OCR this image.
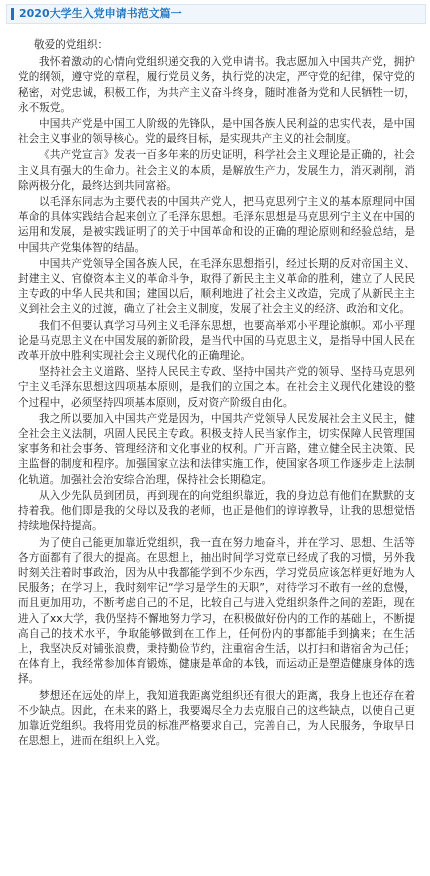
2020大学生入党申请书范文篇一

敬爱的党组织：

我怀着激动的心情向党组织递交我的入党申请书。我志愿加入中国共产党，拥护党的纲领，遵守党的章程，履行党员义务，执行党的决定，严守党的纪律，保守党的秘密，对党忠诚，积极工作，为共产主义奋斗终身，随时准备为党和人民牺牲一切，永不叛党。

中国共产党是中国工人阶级的先锋队，是中国各族人民利益的忠实代表，是中国社会主义事业的领导核心。党的最终目标，是实现共产主义的社会制度。

《共产党宣言》发表一百多年来的历史证明，科学社会主义理论是正确的，社会主义具有强大的生命力。社会主义的本质，是解放生产力，发展生力，消灭剥削，消除两极分化，最终达到共同富裕。

以毛泽东同志为主要代表的中国共产党人，把马克思列宁主义的基本原理同中国革命的具体实践结合起来创立了毛泽东思想。毛泽东思想是马克思列宁主义在中国的运用和发展，是被实践证明了的关于中国革命和设的正确的理论原则和经验总结，是中国共产党集体智的结晶。

中国共产党领导全国各族人民，在毛泽东思想指引，经过长期的反对帝国主义、封建主义、官僚资本主义的革命斗争，取得了新民主主义革命的胜利，建立了人民民主专政的中华人民共和国；建国以后，顺利地进了社会主义改造，完成了从新民主主义到社会主义的过渡，确立了社会主义制度，发展了社会主义的经济、政治和文化。

我们不但要认真学习马列主义毛泽东思想，也要高举邓小平理论旗帜。邓小平理论是马克思主义在中国发展的新阶段，是当代中国的马克思主义，是指导中国人民在改革开放中胜利实现社会主义现代化的正确理论。

坚持社会主义道路、坚持人民民主专政、坚持中国共产党的领导、坚持马克思列宁主义毛泽东思想这四项基本原则，是我们的立国之本。在社会主义现代化建设的整个过程中，必须坚持四项基本原则，反对资产阶级自由化。

我之所以要加入中国共产党是因为，中国共产党领导人民发展社会主义民主，健全社会主义法制，巩固人民民主专政。积极支持人民当家作主，切实保障人民管理国家事务和社会事务、管理经济和文化事业的权利。广开言路，建立健全民主决策、民主监督的制度和程序。加强国家立法和法律实施工作，使国家各项工作逐步走上法制化轨道。加强社会治安综合治理，保持社会长期稳定。

从入少先队员到团员，再到现在的向党组织靠近，我的身边总有他们在默默的支持着我。他们即是我的父母以及我的老师，也正是他们的谆谆教导，让我的思想觉悟持续地保持提高。

为了使自己能更加靠近党组织，我一直在努力地奋斗，并在学习、思想、生活等各方面都有了很大的提高。在思想上，抽出时间学习党章已经成了我的习惯，另外我时刻关注着时事政治，因为从中我都能学到不少东西，学习党员应该怎样更好地为人民服务；在学习上，我时刻牢记“学习是学生的天职”，对待学习不敢有一丝的怠慢，而且更加用功，不断考虑自己的不足，比较自己与进入党组织条件之间的差距，现在进入了xx大学，我仍坚持不懈地努力学习，在积极做好份内的工作的基础上，不断提高自己的技术水平，争取能够做到在工作上，任何份内的事都能手到擒来；在生活上，我坚决反对铺张浪费，秉持勤俭节约，注重宿舍生活，以打扫和谐宿舍为己任；在体育上，我经常参加体育锻炼，健康是革命的本钱，而运动正是塑造健康身体的选择。

梦想还在远处的岸上，我知道我距离党组织还有很大的距离，我身上也还存在着不少缺点。因此，在未来的路上，我要竭尽全力去克服自己的这些缺点，以使自己更加靠近党组织。我将用党员的标准严格要求自己，完善自己，为人民服务，争取早日在思想上，进而在组织上入党。
